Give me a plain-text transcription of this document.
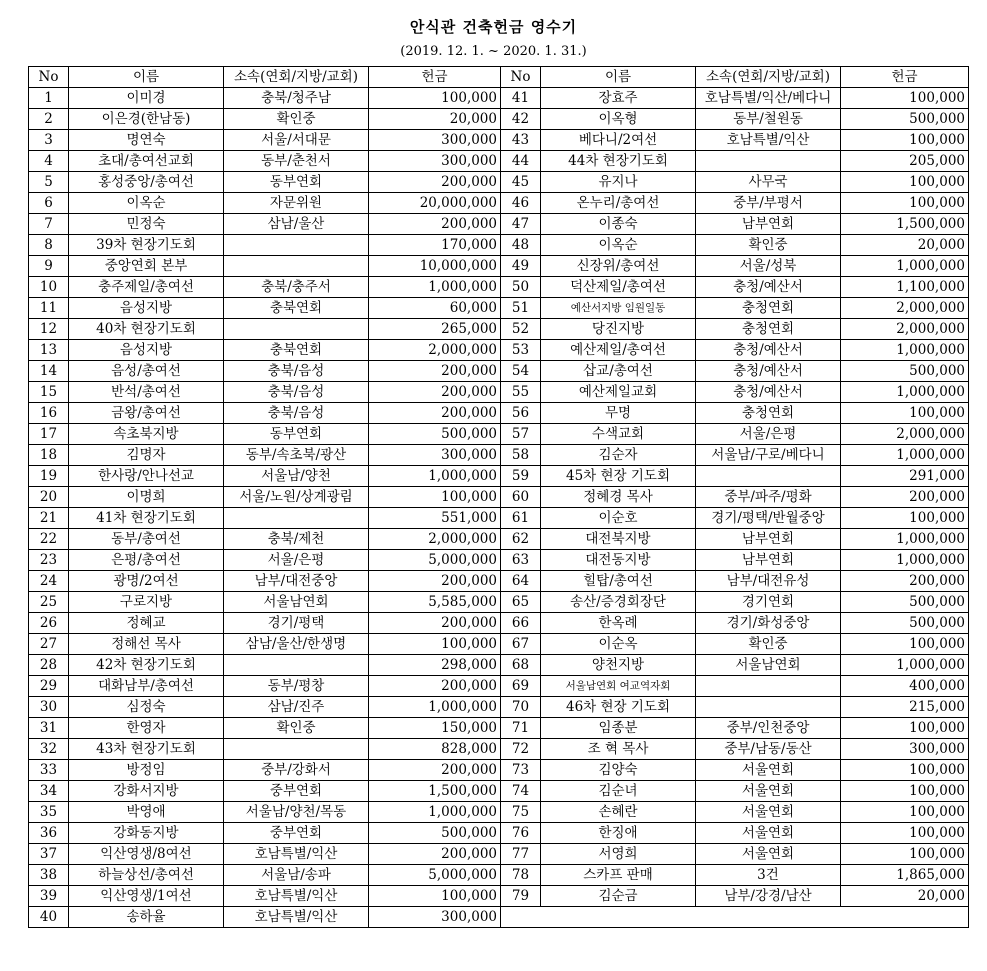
안식관 건축헌금 영수기
(2019. 12. 1. ~ 2020. 1. 31.)
No	이름	소속(연회/지방/교회)	헌금	No	이름	소속(연회/지방/교회)	헌금
1	이미경	충북/청주남	100,000	41	장효주	호남특별/익산/베다니	100,000
2	이은경(한남동)	확인중	20,000	42	이옥형	동부/철원동	500,000
3	명연숙	서울/서대문	300,000	43	베다니/2여선	호남특별/익산	100,000
4	초대/총여선교회	동부/춘천서	300,000	44	44차 현장기도회		205,000
5	홍성중앙/총여선	동부연회	200,000	45	유지나	사무국	100,000
6	이옥순	자문위원	20,000,000	46	온누리/총여선	중부/부평서	100,000
7	민정숙	삼남/울산	200,000	47	이종숙	남부연회	1,500,000
8	39차 현장기도회		170,000	48	이옥순	확인중	20,000
9	중앙연회 본부		10,000,000	49	신장위/총여선	서울/성북	1,000,000
10	충주제일/총여선	충북/충주서	1,000,000	50	덕산제일/총여선	충청/예산서	1,100,000
11	음성지방	충북연회	60,000	51	예산서지방 임원일동	충청연회	2,000,000
12	40차 현장기도회		265,000	52	당진지방	충청연회	2,000,000
13	음성지방	충북연회	2,000,000	53	예산제일/총여선	충청/예산서	1,000,000
14	음성/총여선	충북/음성	200,000	54	삽교/총여선	충청/예산서	500,000
15	반석/총여선	충북/음성	200,000	55	예산제일교회	충청/예산서	1,000,000
16	금왕/총여선	충북/음성	200,000	56	무명	충청연회	100,000
17	속초북지방	동부연회	500,000	57	수색교회	서울/은평	2,000,000
18	김명자	동부/속초북/광산	300,000	58	김순자	서울남/구로/베다니	1,000,000
19	한사랑/안나선교	서울남/양천	1,000,000	59	45차 현장 기도회		291,000
20	이명희	서울/노원/상계광림	100,000	60	정혜경 목사	중부/파주/평화	200,000
21	41차 현장기도회		551,000	61	이순호	경기/평택/반월중앙	100,000
22	동부/총여선	충북/제천	2,000,000	62	대전북지방	남부연회	1,000,000
23	은평/총여선	서울/은평	5,000,000	63	대전동지방	남부연회	1,000,000
24	광명/2여선	남부/대전중앙	200,000	64	힐탑/총여선	남부/대전유성	200,000
25	구로지방	서울남연회	5,585,000	65	송산/증경회장단	경기연회	500,000
26	정혜교	경기/평택	200,000	66	한옥례	경기/화성중앙	500,000
27	정해선 목사	삼남/울산/한생명	100,000	67	이순옥	확인중	100,000
28	42차 현장기도회		298,000	68	양천지방	서울남연회	1,000,000
29	대화남부/총여선	동부/평창	200,000	69	서울남연회 여교역자회		400,000
30	심정숙	삼남/진주	1,000,000	70	46차 현장 기도회		215,000
31	한영자	확인중	150,000	71	임종분	중부/인천중앙	100,000
32	43차 현장기도회		828,000	72	조 혁 목사	중부/남동/동산	300,000
33	방정임	중부/강화서	200,000	73	김양숙	서울연회	100,000
34	강화서지방	중부연회	1,500,000	74	김순녀	서울연회	100,000
35	박영애	서울남/양천/목동	1,000,000	75	손혜란	서울연회	100,000
36	강화동지방	중부연회	500,000	76	한징애	서울연회	100,000
37	익산영생/8여선	호남특별/익산	200,000	77	서영희	서울연회	100,000
38	하늘상선/총여선	서울남/송파	5,000,000	78	스카프 판매	3건	1,865,000
39	익산영생/1여선	호남특별/익산	100,000	79	김순금	남부/강경/남산	20,000
40	송하율	호남특별/익산	300,000				
